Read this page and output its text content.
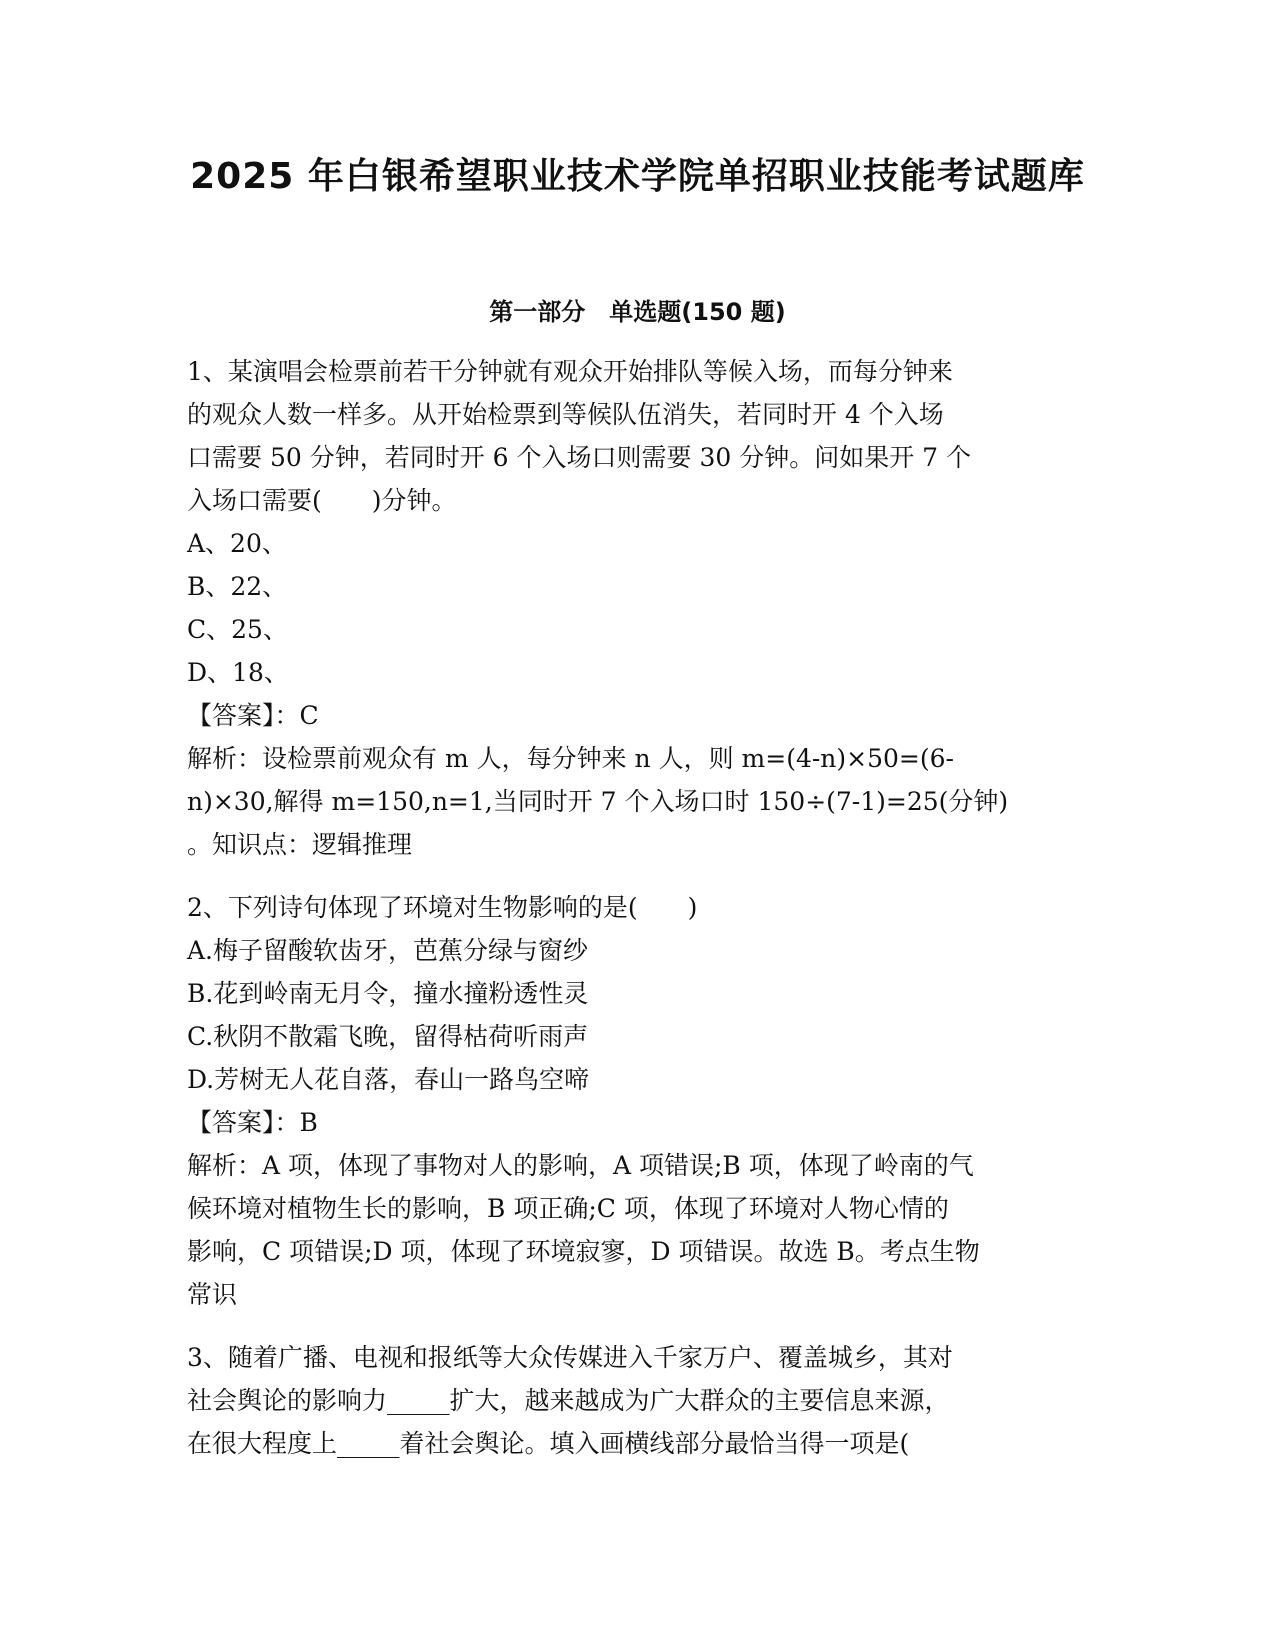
2025 年白银希望职业技术学院单招职业技能考试题库
第一部分　单选题(150 题)
1、某演唱会检票前若干分钟就有观众开始排队等候入场，而每分钟来
的观众人数一样多。从开始检票到等候队伍消失，若同时开 4 个入场
口需要 50 分钟，若同时开 6 个入场口则需要 30 分钟。问如果开 7 个
入场口需要(　　)分钟。
A、20、
B、22、
C、25、
D、18、
【答案】：C
解析：设检票前观众有 m 人，每分钟来 n 人，则 m=(4-n)×50=(6-
n)×30,解得 m=150,n=1,当同时开 7 个入场口时 150÷(7-1)=25(分钟)
。知识点：逻辑推理
2、下列诗句体现了环境对生物影响的是(　　)
A.梅子留酸软齿牙，芭蕉分绿与窗纱
B.花到岭南无月令，撞水撞粉透性灵
C.秋阴不散霜飞晚，留得枯荷听雨声
D.芳树无人花自落，春山一路鸟空啼
【答案】：B
解析：A 项，体现了事物对人的影响，A 项错误;B 项，体现了岭南的气
候环境对植物生长的影响，B 项正确;C 项，体现了环境对人物心情的
影响，C 项错误;D 项，体现了环境寂寥，D 项错误。故选 B。考点生物
常识
3、随着广播、电视和报纸等大众传媒进入千家万户、覆盖城乡，其对
社会舆论的影响力_____扩大，越来越成为广大群众的主要信息来源，
在很大程度上_____着社会舆论。填入画横线部分最恰当得一项是(
